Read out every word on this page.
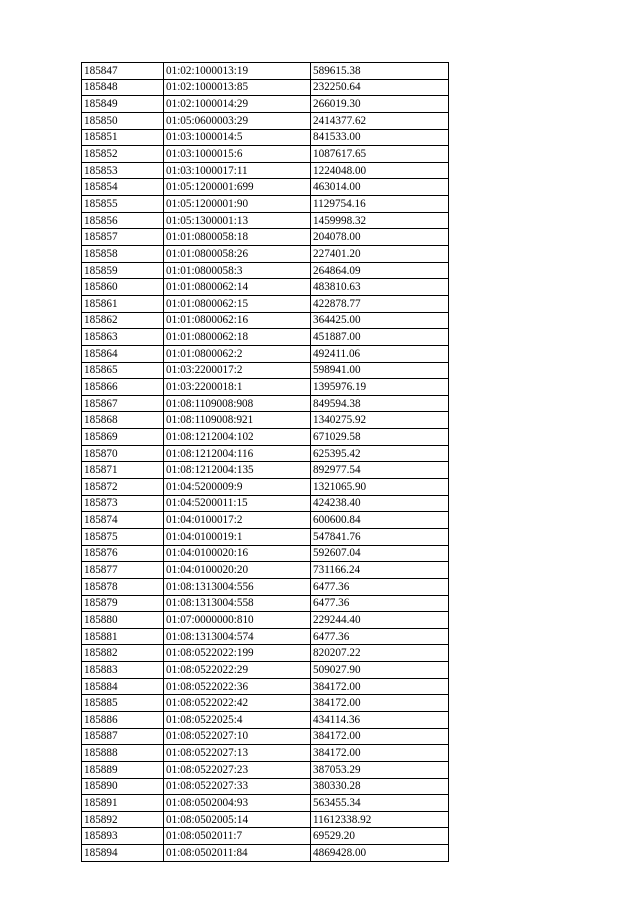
185847	01:02:1000013:19	589615.38
185848	01:02:1000013:85	232250.64
185849	01:02:1000014:29	266019.30
185850	01:05:0600003:29	2414377.62
185851	01:03:1000014:5	841533.00
185852	01:03:1000015:6	1087617.65
185853	01:03:1000017:11	1224048.00
185854	01:05:1200001:699	463014.00
185855	01:05:1200001:90	1129754.16
185856	01:05:1300001:13	1459998.32
185857	01:01:0800058:18	204078.00
185858	01:01:0800058:26	227401.20
185859	01:01:0800058:3	264864.09
185860	01:01:0800062:14	483810.63
185861	01:01:0800062:15	422878.77
185862	01:01:0800062:16	364425.00
185863	01:01:0800062:18	451887.00
185864	01:01:0800062:2	492411.06
185865	01:03:2200017:2	598941.00
185866	01:03:2200018:1	1395976.19
185867	01:08:1109008:908	849594.38
185868	01:08:1109008:921	1340275.92
185869	01:08:1212004:102	671029.58
185870	01:08:1212004:116	625395.42
185871	01:08:1212004:135	892977.54
185872	01:04:5200009:9	1321065.90
185873	01:04:5200011:15	424238.40
185874	01:04:0100017:2	600600.84
185875	01:04:0100019:1	547841.76
185876	01:04:0100020:16	592607.04
185877	01:04:0100020:20	731166.24
185878	01:08:1313004:556	6477.36
185879	01:08:1313004:558	6477.36
185880	01:07:0000000:810	229244.40
185881	01:08:1313004:574	6477.36
185882	01:08:0522022:199	820207.22
185883	01:08:0522022:29	509027.90
185884	01:08:0522022:36	384172.00
185885	01:08:0522022:42	384172.00
185886	01:08:0522025:4	434114.36
185887	01:08:0522027:10	384172.00
185888	01:08:0522027:13	384172.00
185889	01:08:0522027:23	387053.29
185890	01:08:0522027:33	380330.28
185891	01:08:0502004:93	563455.34
185892	01:08:0502005:14	11612338.92
185893	01:08:0502011:7	69529.20
185894	01:08:0502011:84	4869428.00
